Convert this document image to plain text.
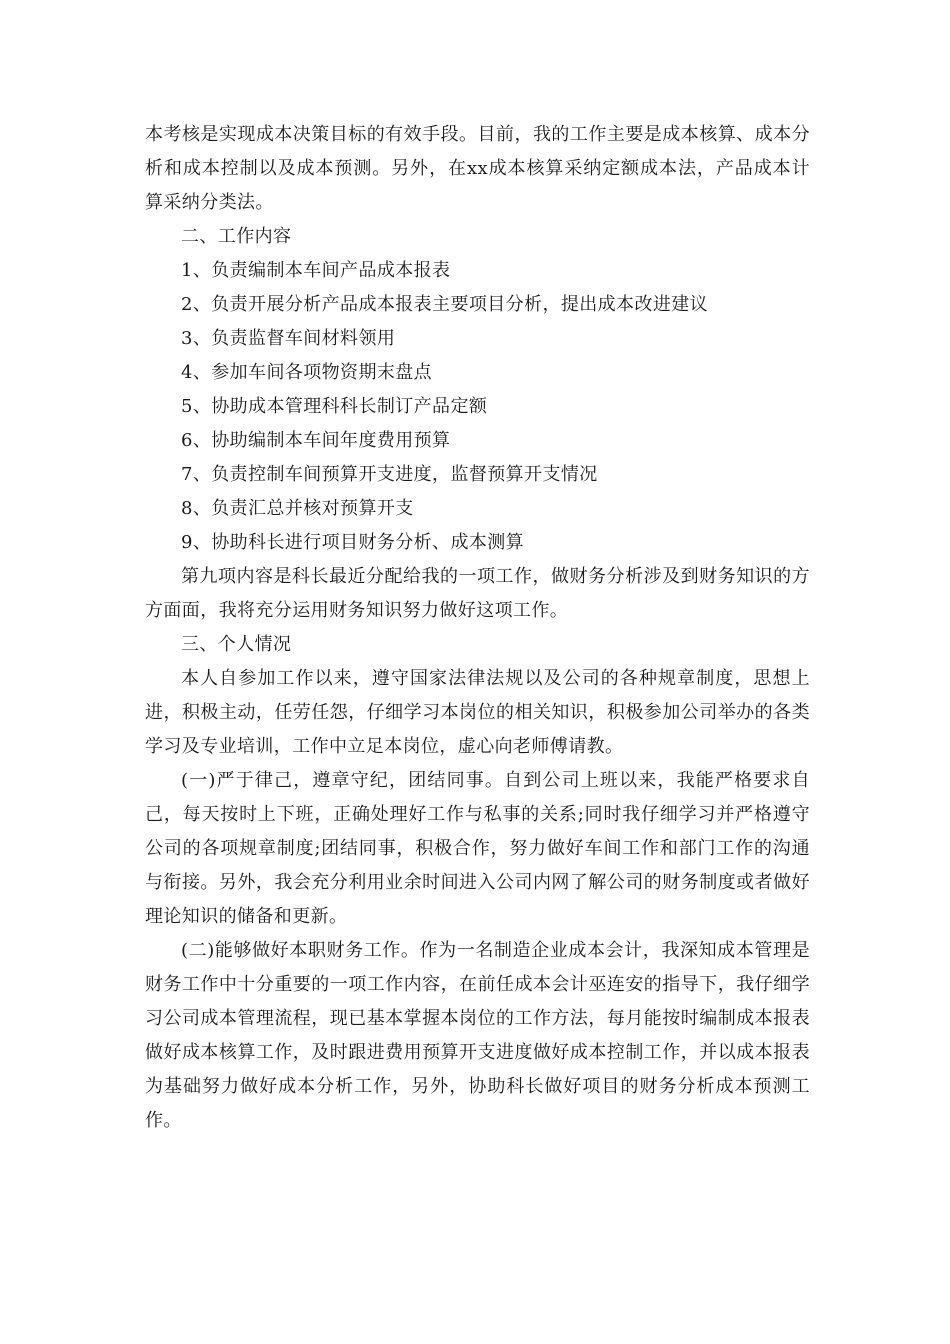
本考核是实现成本决策目标的有效手段。目前，我的工作主要是成本核算、成本分析和成本控制以及成本预测。另外，在xx成本核算采纳定额成本法，产品成本计算采纳分类法。

二、工作内容

1、负责编制本车间产品成本报表

2、负责开展分析产品成本报表主要项目分析，提出成本改进建议

3、负责监督车间材料领用

4、参加车间各项物资期末盘点

5、协助成本管理科科长制订产品定额

6、协助编制本车间年度费用预算

7、负责控制车间预算开支进度，监督预算开支情况

8、负责汇总并核对预算开支

9、协助科长进行项目财务分析、成本测算

第九项内容是科长最近分配给我的一项工作，做财务分析涉及到财务知识的方方面面，我将充分运用财务知识努力做好这项工作。

三、个人情况

本人自参加工作以来，遵守国家法律法规以及公司的各种规章制度，思想上进，积极主动，任劳任怨，仔细学习本岗位的相关知识，积极参加公司举办的各类学习及专业培训，工作中立足本岗位，虚心向老师傅请教。

(一)严于律己，遵章守纪，团结同事。自到公司上班以来，我能严格要求自己，每天按时上下班，正确处理好工作与私事的关系;同时我仔细学习并严格遵守公司的各项规章制度;团结同事，积极合作，努力做好车间工作和部门工作的沟通与衔接。另外，我会充分利用业余时间进入公司内网了解公司的财务制度或者做好理论知识的储备和更新。

(二)能够做好本职财务工作。作为一名制造企业成本会计，我深知成本管理是财务工作中十分重要的一项工作内容，在前任成本会计巫连安的指导下，我仔细学习公司成本管理流程，现已基本掌握本岗位的工作方法，每月能按时编制成本报表做好成本核算工作，及时跟进费用预算开支进度做好成本控制工作，并以成本报表为基础努力做好成本分析工作，另外，协助科长做好项目的财务分析成本预测工作。
